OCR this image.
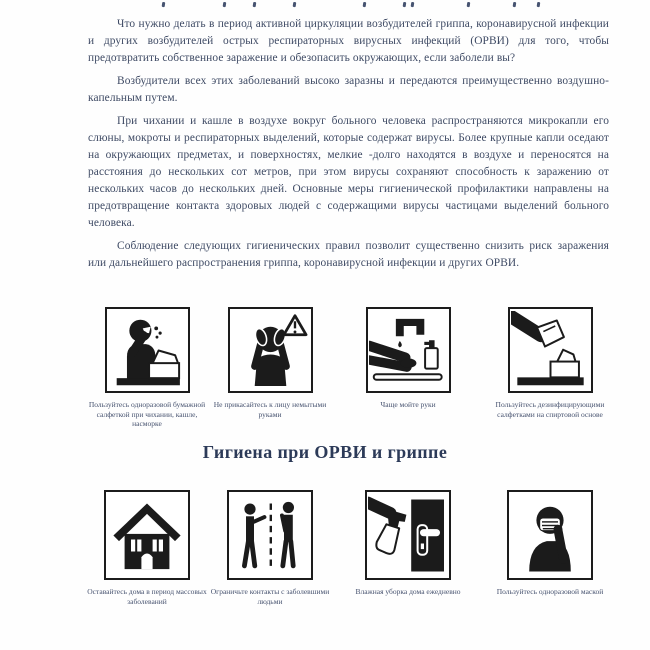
Что нужно делать в период активной циркуляции возбудителей гриппа, коронавирусной инфекции и других возбудителей острых респираторных вирусных инфекций (ОРВИ) для того, чтобы предотвратить собственное заражение и обезопасить окружающих, если заболели вы?

Возбудители всех этих заболеваний высоко заразны и передаются преимущественно воздушно-капельным путем.

При чихании и кашле в воздухе вокруг больного человека распространяются микрокапли его слюны, мокроты и респираторных выделений, которые содержат вирусы. Более крупные капли оседают на окружающих предметах, и поверхностях, мелкие -долго находятся в воздухе и переносятся на расстояния до нескольких сот метров, при этом вирусы сохраняют способность к заражению от нескольких часов до нескольких дней. Основные меры гигиенической профилактики направлены на предотвращение контакта здоровых людей с содержащими вирусы частицами выделений больного человека.

Соблюдение следующих гигиенических правил позволит существенно снизить риск заражения или дальнейшего распространения гриппа, коронавирусной инфекции и других ОРВИ.

Пользуйтесь одноразовой бумажной салфеткой при чихании, кашле, насморке
Не прикасайтесь к лицу немытыми руками
Чаще мойте руки	Пользуйтесь дезинфицирующими салфетками на спиртовой основе
Гигиена при ОРВИ и гриппе
Оставайтесь дома в период массовых заболеваний
Ограничьте контакты с заболевшими людьми
Влажная уборка дома ежедневно	Пользуйтесь одноразовой маской
